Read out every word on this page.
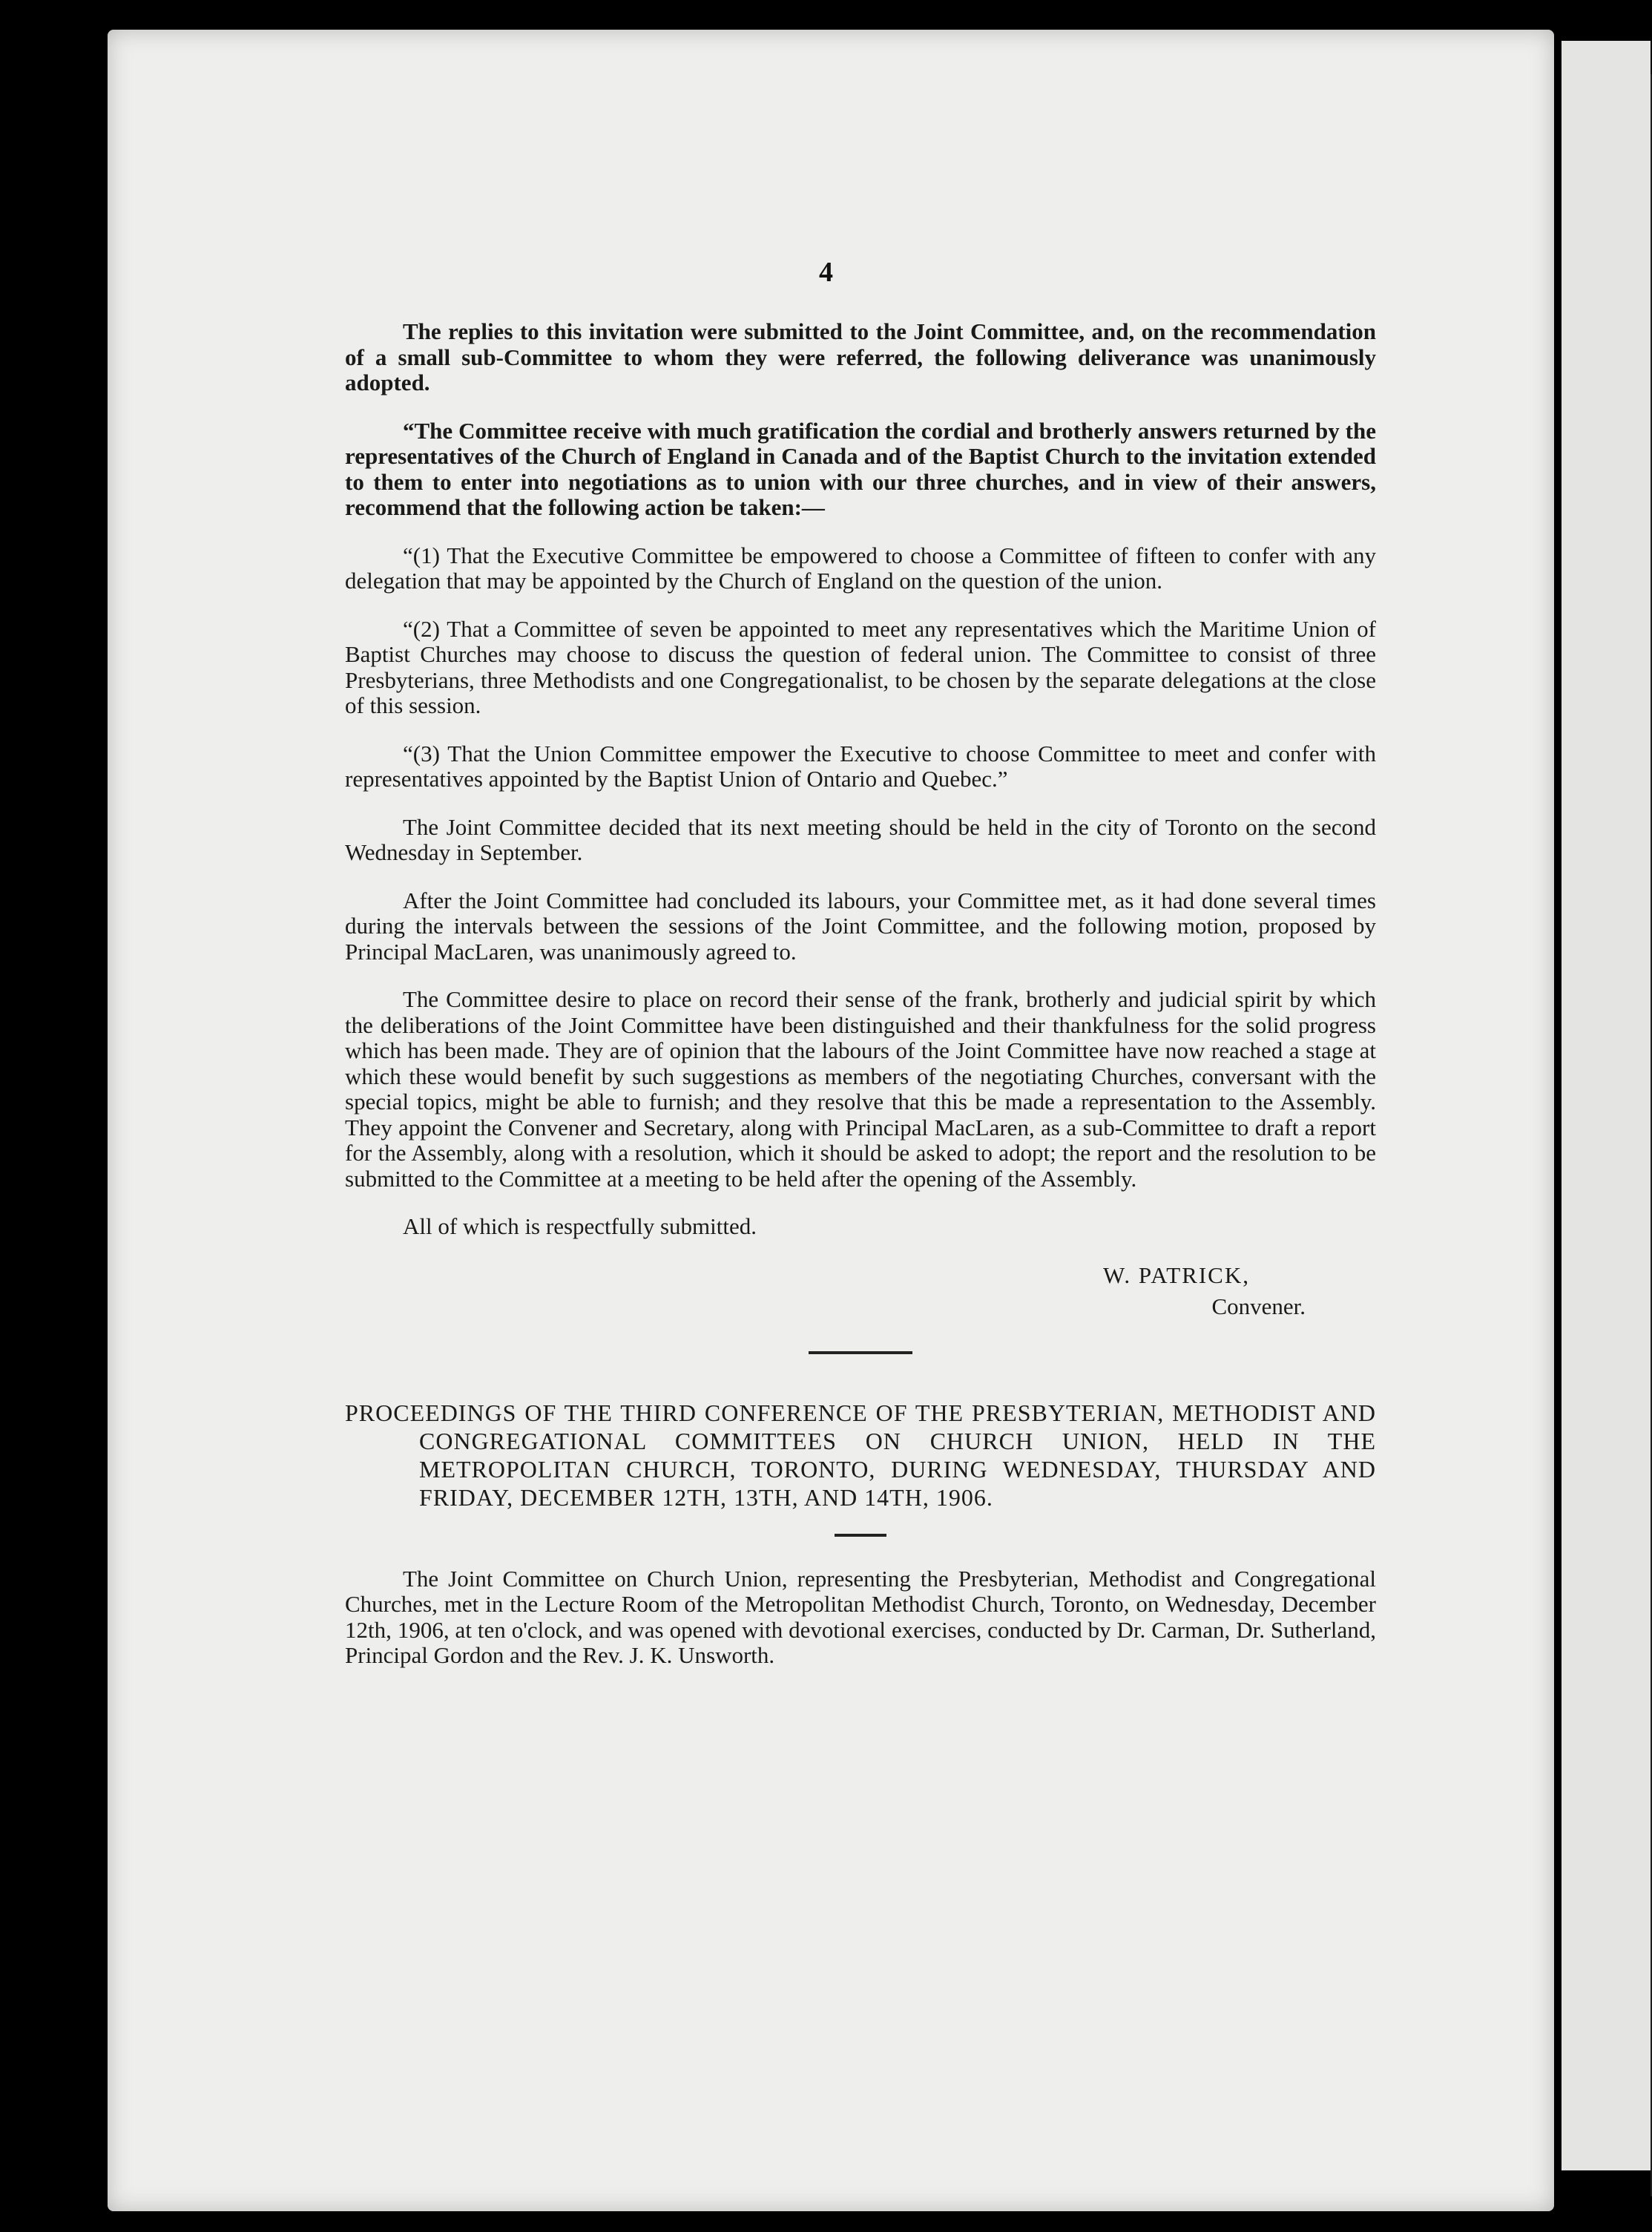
4

The replies to this invitation were submitted to the Joint Committee, and, on the recommendation of a small sub-Committee to whom they were referred, the following deliverance was unanimously adopted.

“The Committee receive with much gratification the cordial and brotherly answers returned by the representatives of the Church of England in Canada and of the Baptist Church to the invitation extended to them to enter into negotiations as to union with our three churches, and in view of their answers, recommend that the following action be taken:—

“(1) That the Executive Committee be empowered to choose a Committee of fifteen to confer with any delegation that may be appointed by the Church of England on the question of the union.

“(2) That a Committee of seven be appointed to meet any representatives which the Maritime Union of Baptist Churches may choose to discuss the question of federal union. The Committee to consist of three Presbyterians, three Methodists and one Congregationalist, to be chosen by the separate delegations at the close of this session.

“(3) That the Union Committee empower the Executive to choose Committee to meet and confer with representatives appointed by the Baptist Union of Ontario and Quebec.”

The Joint Committee decided that its next meeting should be held in the city of Toronto on the second Wednesday in September.

After the Joint Committee had concluded its labours, your Committee met, as it had done several times during the intervals between the sessions of the Joint Committee, and the following motion, proposed by Principal MacLaren, was unanimously agreed to.

The Committee desire to place on record their sense of the frank, brotherly and judicial spirit by which the deliberations of the Joint Committee have been distinguished and their thankfulness for the solid progress which has been made. They are of opinion that the labours of the Joint Committee have now reached a stage at which these would benefit by such suggestions as members of the negotiating Churches, conversant with the special topics, might be able to furnish; and they resolve that this be made a representation to the Assembly. They appoint the Convener and Secretary, along with Principal MacLaren, as a sub-Committee to draft a report for the Assembly, along with a resolution, which it should be asked to adopt; the report and the resolution to be submitted to the Committee at a meeting to be held after the opening of the Assembly.

All of which is respectfully submitted.

W. PATRICK,
Convener.

PROCEEDINGS OF THE THIRD CONFERENCE OF THE PRESBYTERIAN, METHODIST AND CONGREGATIONAL COMMITTEES ON CHURCH UNION, HELD IN THE METROPOLITAN CHURCH, TORONTO, DURING WEDNESDAY, THURSDAY AND FRIDAY, DECEMBER 12TH, 13TH, AND 14TH, 1906.

The Joint Committee on Church Union, representing the Presbyterian, Methodist and Congregational Churches, met in the Lecture Room of the Metropolitan Methodist Church, Toronto, on Wednesday, December 12th, 1906, at ten o'clock, and was opened with devotional exercises, conducted by Dr. Carman, Dr. Sutherland, Principal Gordon and the Rev. J. K. Unsworth.
